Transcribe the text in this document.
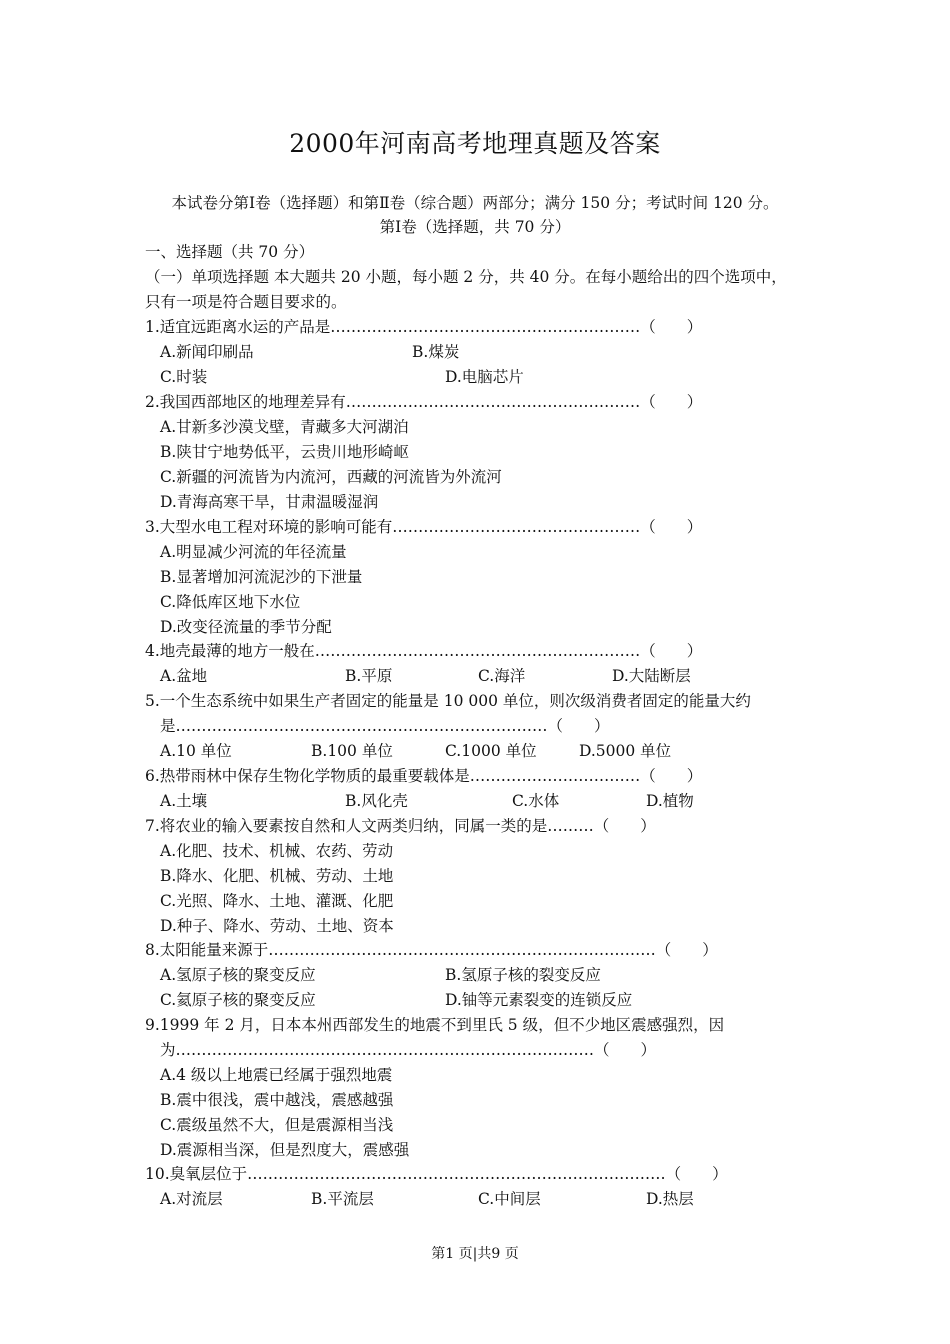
2000年河南高考地理真题及答案
本试卷分第Ⅰ卷（选择题）和第Ⅱ卷（综合题）两部分；满分 150 分；考试时间 120 分。
第Ⅰ卷（选择题，共 70 分）
一、选择题（共 70 分）
（一）单项选择题 本大题共 20 小题，每小题 2 分，共 40 分。在每小题给出的四个选项中，
只有一项是符合题目要求的。
1.适宜远距离水运的产品是……………………………………………………（　　）
A.新闻印刷品	B.煤炭
C.时装	D.电脑芯片
2.我国西部地区的地理差异有…………………………………………………（　　）
A.甘新多沙漠戈壁，青藏多大河湖泊
B.陕甘宁地势低平，云贵川地形崎岖
C.新疆的河流皆为内流河，西藏的河流皆为外流河
D.青海高寒干旱，甘肃温暖湿润
3.大型水电工程对环境的影响可能有…………………………………………（　　）
A.明显减少河流的年径流量
B.显著增加河流泥沙的下泄量
C.降低库区地下水位
D.改变径流量的季节分配
4.地壳最薄的地方一般在………………………………………………………（　　）
A.盆地	B.平原	C.海洋	D.大陆断层
5.一个生态系统中如果生产者固定的能量是 10 000 单位，则次级消费者固定的能量大约
是………………………………………………………………（　　）
A.10 单位	B.100 单位	C.1000 单位	D.5000 单位
6.热带雨林中保存生物化学物质的最重要载体是……………………………（　　）
A.土壤	B.风化壳	C.水体	D.植物
7.将农业的输入要素按自然和人文两类归纳，同属一类的是………（　　）
A.化肥、技术、机械、农药、劳动
B.降水、化肥、机械、劳动、土地
C.光照、降水、土地、灌溉、化肥
D.种子、降水、劳动、土地、资本
8.太阳能量来源于…………………………………………………………………（　　）
A.氢原子核的聚变反应	B.氢原子核的裂变反应
C.氦原子核的聚变反应	D.铀等元素裂变的连锁反应
9.1999 年 2 月，日本本州西部发生的地震不到里氏 5 级，但不少地区震感强烈，因
为………………………………………………………………………（　　）
A.4 级以上地震已经属于强烈地震
B.震中很浅，震中越浅，震感越强
C.震级虽然不大，但是震源相当浅
D.震源相当深，但是烈度大，震感强
10.臭氧层位于………………………………………………………………………（　　）
A.对流层	B.平流层	C.中间层	D.热层
第1 页|共9 页
